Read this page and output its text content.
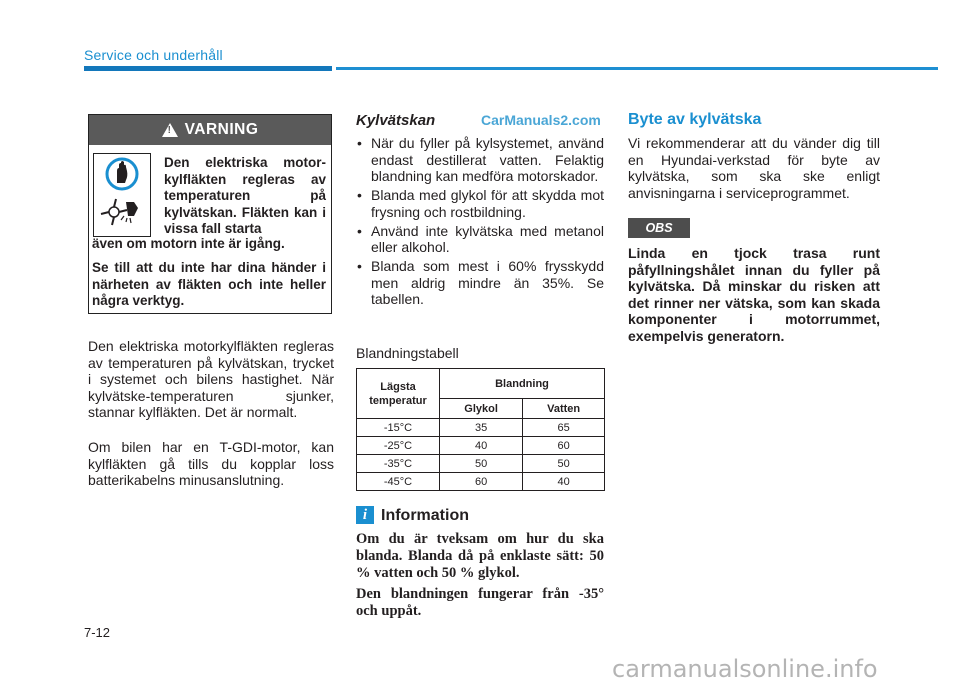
Service och underhåll
! VARNING
Den elektriska motor-kylfläkten regleras av temperaturen på kylvätskan. Fläkten kan i vissa fall starta
även om motorn inte är igång.
Se till att du inte har dina händer i närheten av fläkten och inte heller några verktyg.
Den elektriska motorkylfläkten regleras av temperaturen på kylvätskan, trycket i systemet och bilens hastighet. När kylvätske-temperaturen sjunker, stannar kylfläkten. Det är normalt.
Om bilen har en T-GDI-motor, kan kylfläkten gå tills du kopplar loss batterikabelns minusanslutning.
Kylvätskan	CarManuals2.com
• När du fyller på kylsystemet, använd endast destillerat vatten. Felaktig blandning kan medföra motorskador.
• Blanda med glykol för att skydda mot frysning och rostbildning.
• Använd inte kylvätska med metanol eller alkohol.
• Blanda som mest i 60% frysskydd men aldrig mindre än 35%. Se tabellen.
Blandningstabell
Lägsta temperatur	Blandning	
	Glykol	Vatten
-15°C	35	65
-25°C	40	60
-35°C	50	50
-45°C	60	40
i Information
Om du är tveksam om hur du ska blanda. Blanda då på enklaste sätt: 50 % vatten och 50 % glykol.
Den blandningen fungerar från -35° och uppåt.
Byte av kylvätska
Vi rekommenderar att du vänder dig till en Hyundai-verkstad för byte av kylvätska, som ska ske enligt anvisningarna i serviceprogrammet.
OBS
Linda en tjock trasa runt påfyllningshålet innan du fyller på kylvätska. Då minskar du risken att det rinner ner vätska, som kan skada komponenter i motorrummet, exempelvis generatorn.
7-12
carmanualsonline.info
